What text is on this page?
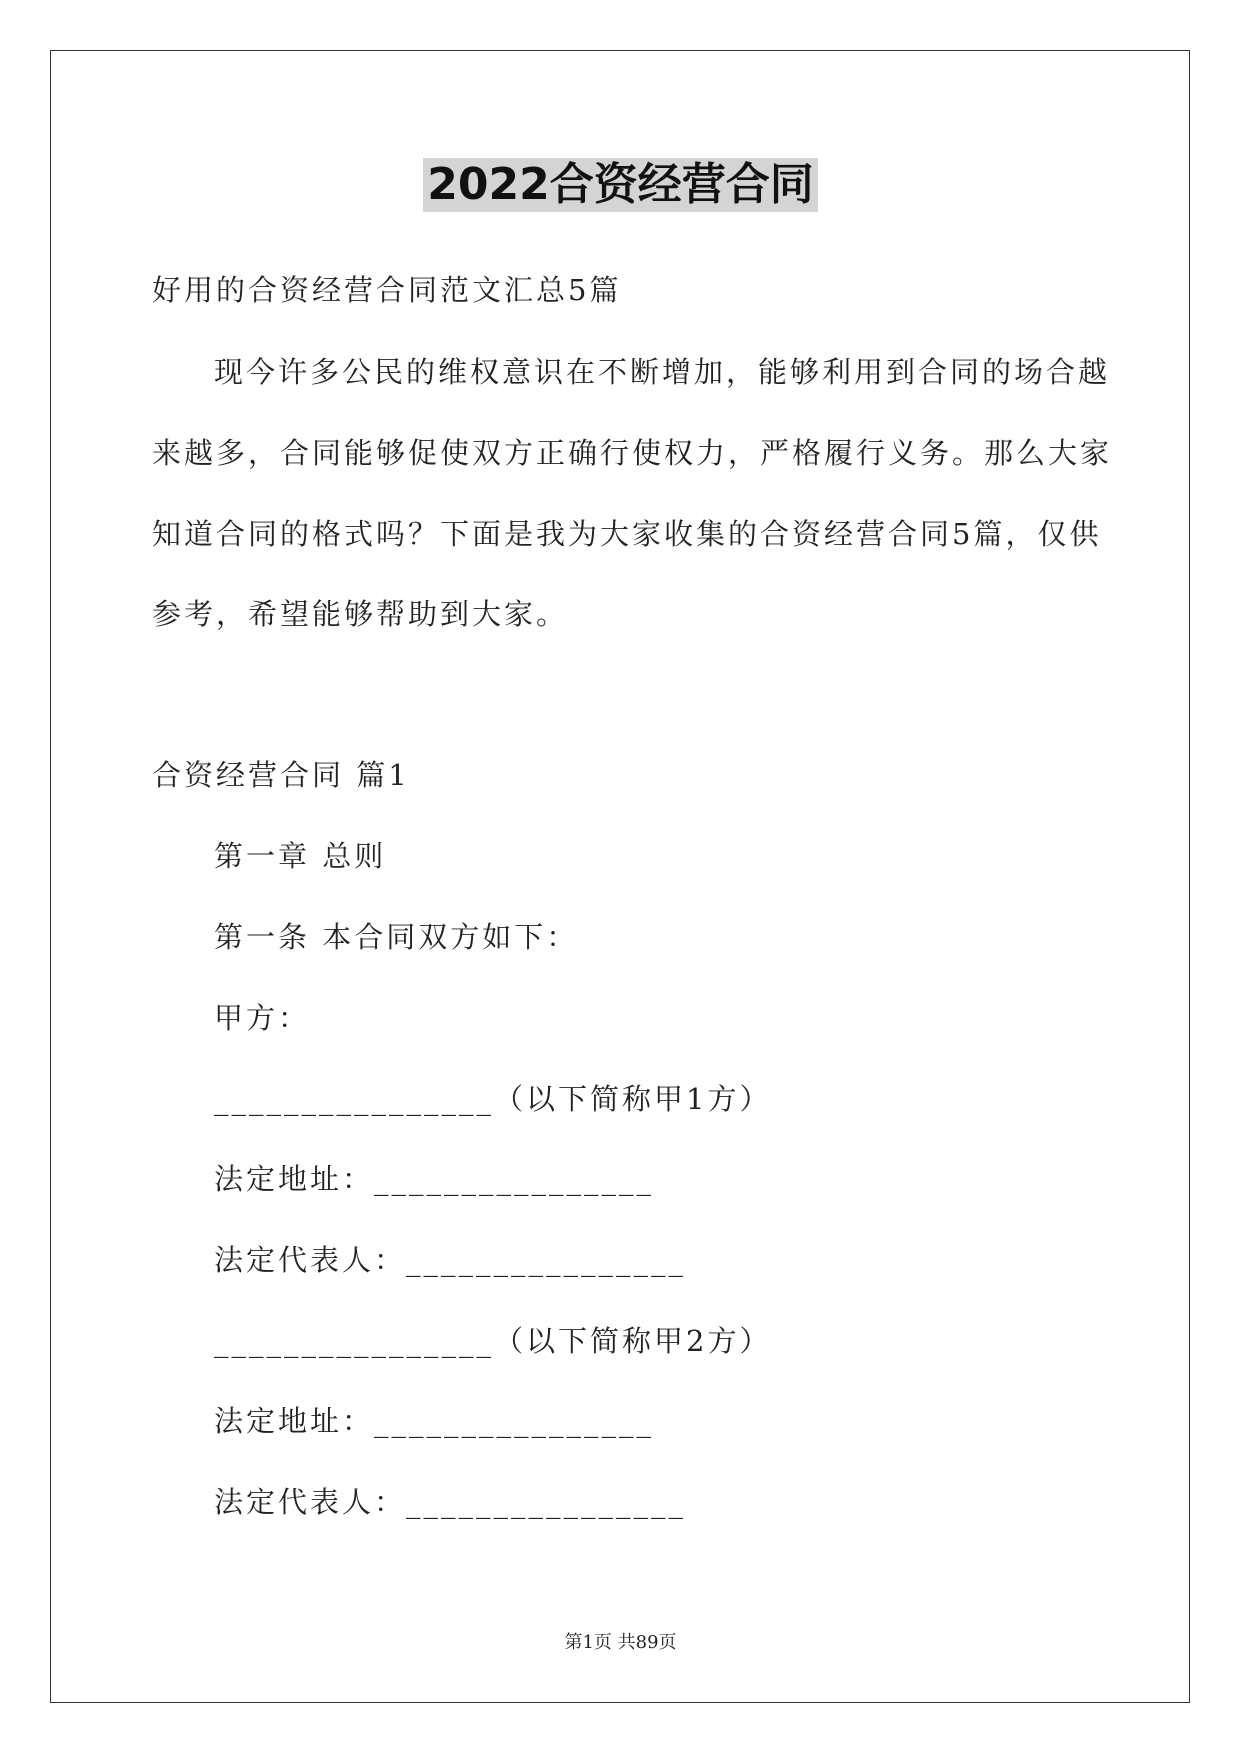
2022合资经营合同
好用的合资经营合同范文汇总5篇
现今许多公民的维权意识在不断增加，能够利用到合同的场合越
来越多，合同能够促使双方正确行使权力，严格履行义务。那么大家
知道合同的格式吗？下面是我为大家收集的合资经营合同5篇，仅供
参考，希望能够帮助到大家。
合资经营合同 篇1
第一章 总则
第一条 本合同双方如下：
甲方：
________________（以下简称甲1方）
法定地址：________________
法定代表人：________________
________________（以下简称甲2方）
法定地址：________________
法定代表人：________________
第1页 共89页
